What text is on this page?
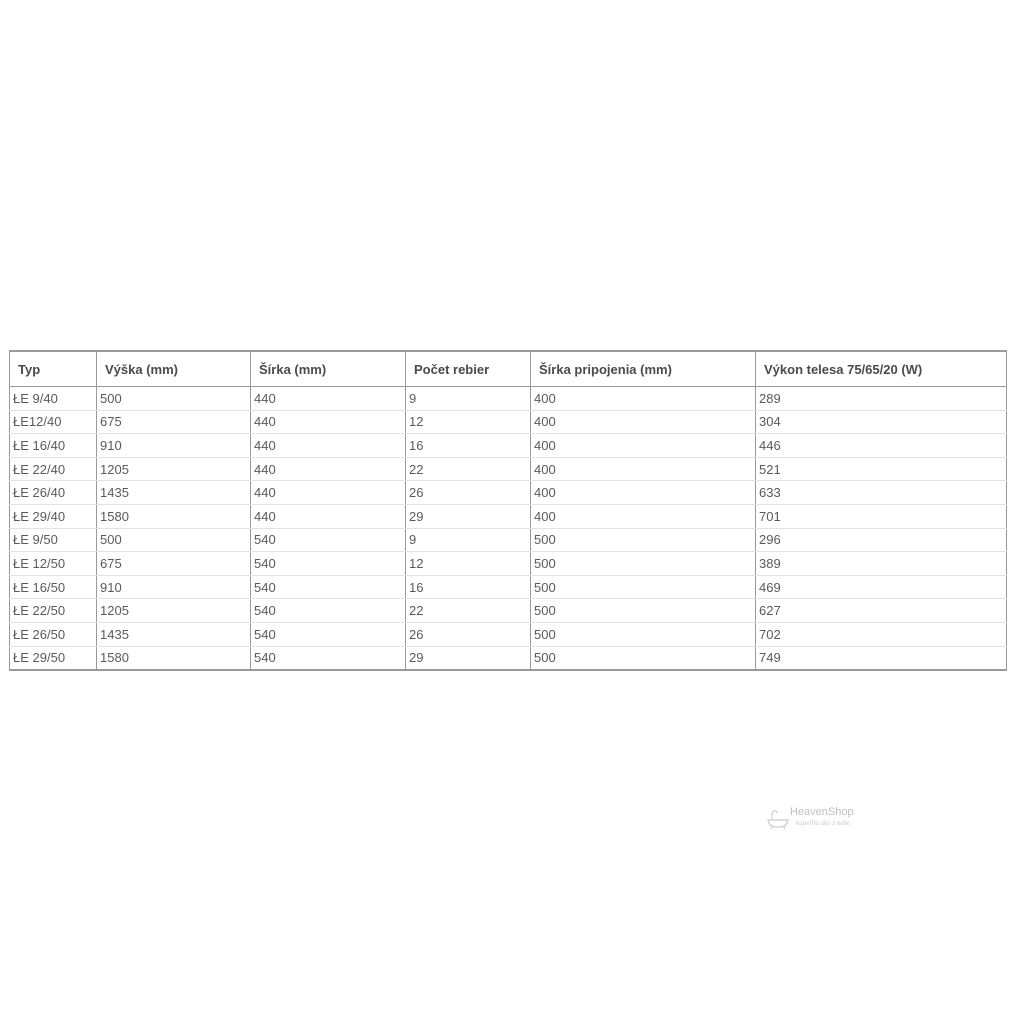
Typ	Výška (mm)	Šírka (mm)	Počet rebier	Šírka pripojenia (mm)	Výkon telesa 75/65/20 (W)
ŁE 9/40	500	440	9	400	289
ŁE12/40	675	440	12	400	304
ŁE 16/40	910	440	16	400	446
ŁE 22/40	1205	440	22	400	521
ŁE 26/40	1435	440	26	400	633
ŁE 29/40	1580	440	29	400	701
ŁE 9/50	500	540	9	500	296
ŁE 12/50	675	540	12	500	389
ŁE 16/50	910	540	16	500	469
ŁE 22/50	1205	540	22	500	627
ŁE 26/50	1435	540	26	500	702
ŁE 29/50	1580	540	29	500	749
HeavenShop
kúpeľňa ako z nebe
